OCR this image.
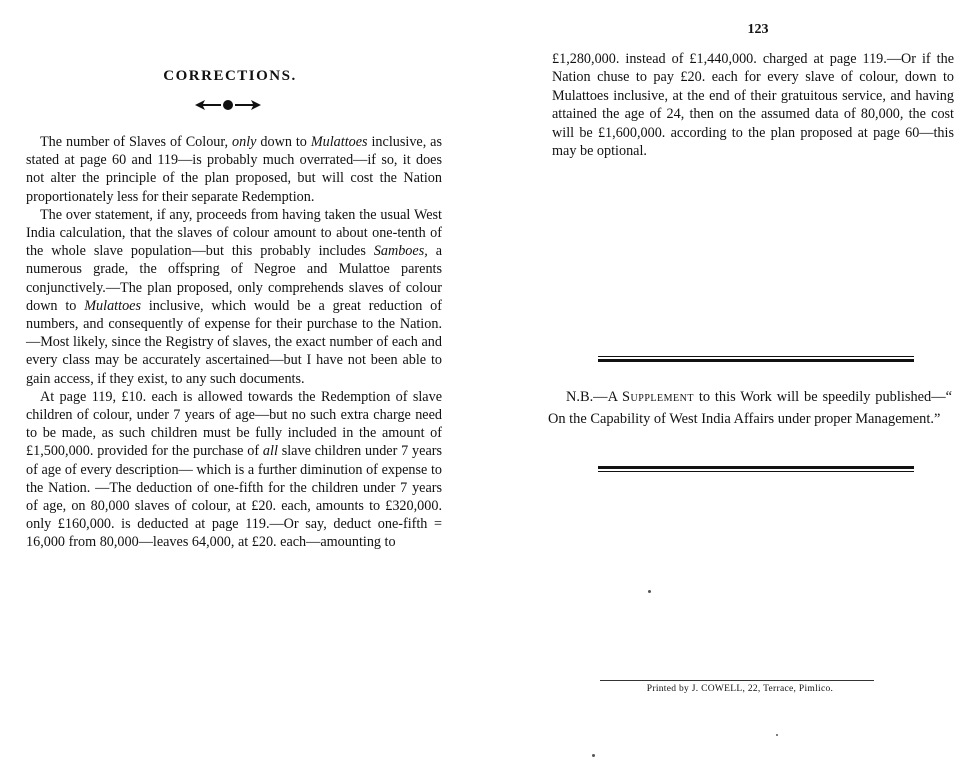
CORRECTIONS.

The number of Slaves of Colour, only down to Mulattoes inclusive, as stated at page 60 and 119—is probably much overrated—if so, it does not alter the principle of the plan proposed, but will cost the Nation proportionately less for their separate Redemption.

The over statement, if any, proceeds from having taken the usual West India calculation, that the slaves of colour amount to about one-tenth of the whole slave population—but this probably includes Samboes, a numerous grade, the offspring of Negroe and Mulattoe parents conjunctively.—The plan proposed, only comprehends slaves of colour down to Mulattoes inclusive, which would be a great reduction of numbers, and consequently of expense for their purchase to the Nation. —Most likely, since the Registry of slaves, the exact number of each and every class may be accurately ascertained—but I have not been able to gain access, if they exist, to any such documents.

At page 119, £10. each is allowed towards the Redemption of slave children of colour, under 7 years of age—but no such extra charge need to be made, as such children must be fully included in the amount of £1,500,000. provided for the purchase of all slave children under 7 years of age of every description— which is a further diminution of expense to the Nation. —The deduction of one-fifth for the children under 7 years of age, on 80,000 slaves of colour, at £20. each, amounts to £320,000. only £160,000. is deducted at page 119.—Or say, deduct one-fifth = 16,000 from 80,000—leaves 64,000, at £20. each—amounting to

123

£1,280,000. instead of £1,440,000. charged at page 119.—Or if the Nation chuse to pay £20. each for every slave of colour, down to Mulattoes inclusive, at the end of their gratuitous service, and having attained the age of 24, then on the assumed data of 80,000, the cost will be £1,600,000. according to the plan proposed at page 60—this may be optional.

N.B.—A Supplement to this Work will be speedily published—“ On the Capability of West India Affairs under proper Management.”

Printed by J. COWELL, 22, Terrace, Pimlico.
